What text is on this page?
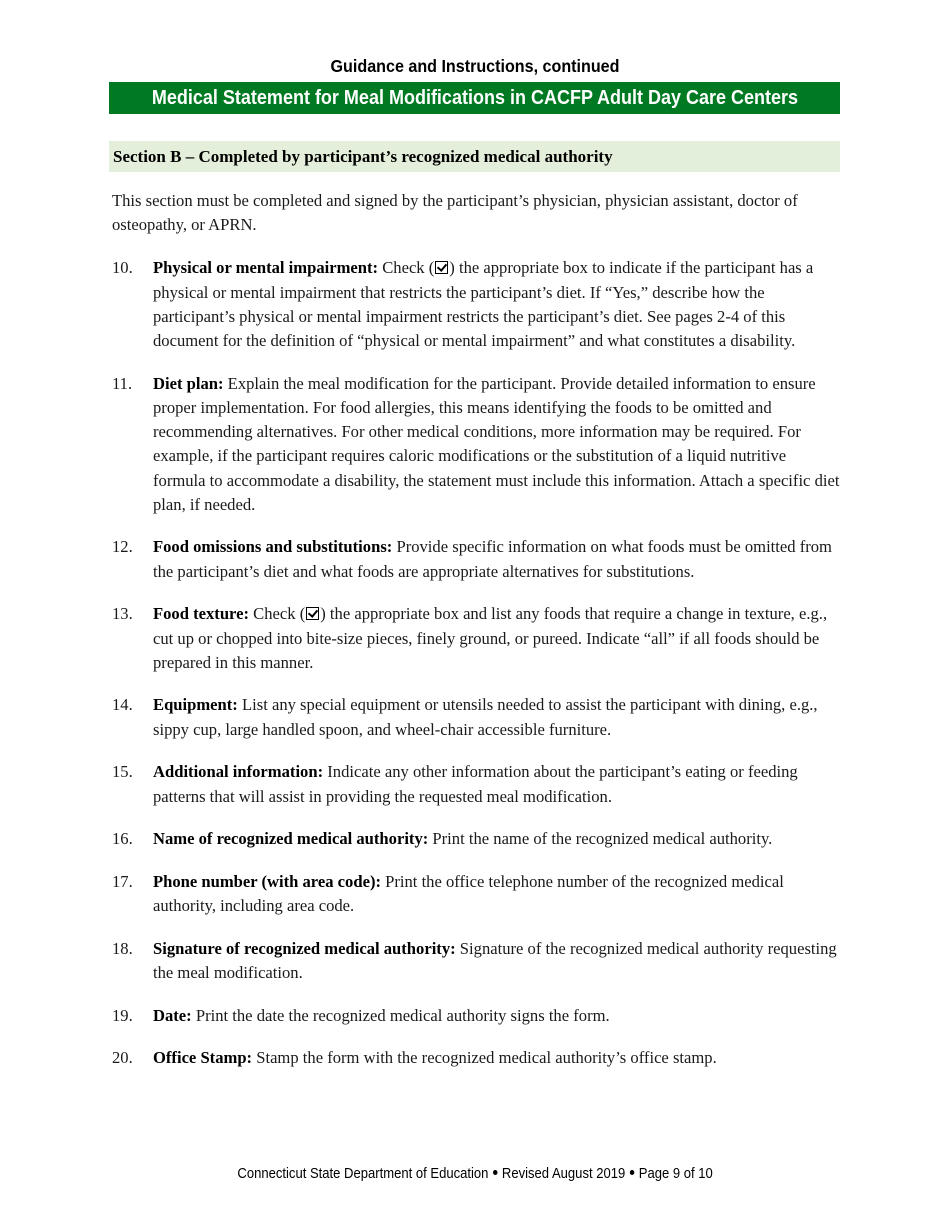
Guidance and Instructions, continued
Medical Statement for Meal Modifications in CACFP Adult Day Care Centers
Section B – Completed by participant’s recognized medical authority

This section must be completed and signed by the participant’s physician, physician assistant, doctor of osteopathy, or APRN.

10.	Physical or mental impairment: Check ( ) the appropriate box to indicate if the participant has a physical or mental impairment that restricts the participant’s diet. If “Yes,” describe how the participant’s physical or mental impairment restricts the participant’s diet. See pages 2-4 of this document for the definition of “physical or mental impairment” and what constitutes a disability.
11.	Diet plan: Explain the meal modification for the participant. Provide detailed information to ensure proper implementation. For food allergies, this means identifying the foods to be omitted and recommending alternatives. For other medical conditions, more information may be required. For example, if the participant requires caloric modifications or the substitution of a liquid nutritive formula to accommodate a disability, the statement must include this information. Attach a specific diet plan, if needed.
12.	Food omissions and substitutions: Provide specific information on what foods must be omitted from the participant’s diet and what foods are appropriate alternatives for substitutions.
13.	Food texture: Check ( ) the appropriate box and list any foods that require a change in texture, e.g., cut up or chopped into bite-size pieces, finely ground, or pureed. Indicate “all” if all foods should be prepared in this manner.
14.	Equipment: List any special equipment or utensils needed to assist the participant with dining, e.g., sippy cup, large handled spoon, and wheel-chair accessible furniture.
15.	Additional information: Indicate any other information about the participant’s eating or feeding patterns that will assist in providing the requested meal modification.
16.	Name of recognized medical authority: Print the name of the recognized medical authority.
17.	Phone number (with area code): Print the office telephone number of the recognized medical authority, including area code.
18.	Signature of recognized medical authority: Signature of the recognized medical authority requesting the meal modification.
19.	Date: Print the date the recognized medical authority signs the form.
20.	Office Stamp: Stamp the form with the recognized medical authority’s office stamp.
Connecticut State Department of Education Revised August 2019 Page 9 of 10
